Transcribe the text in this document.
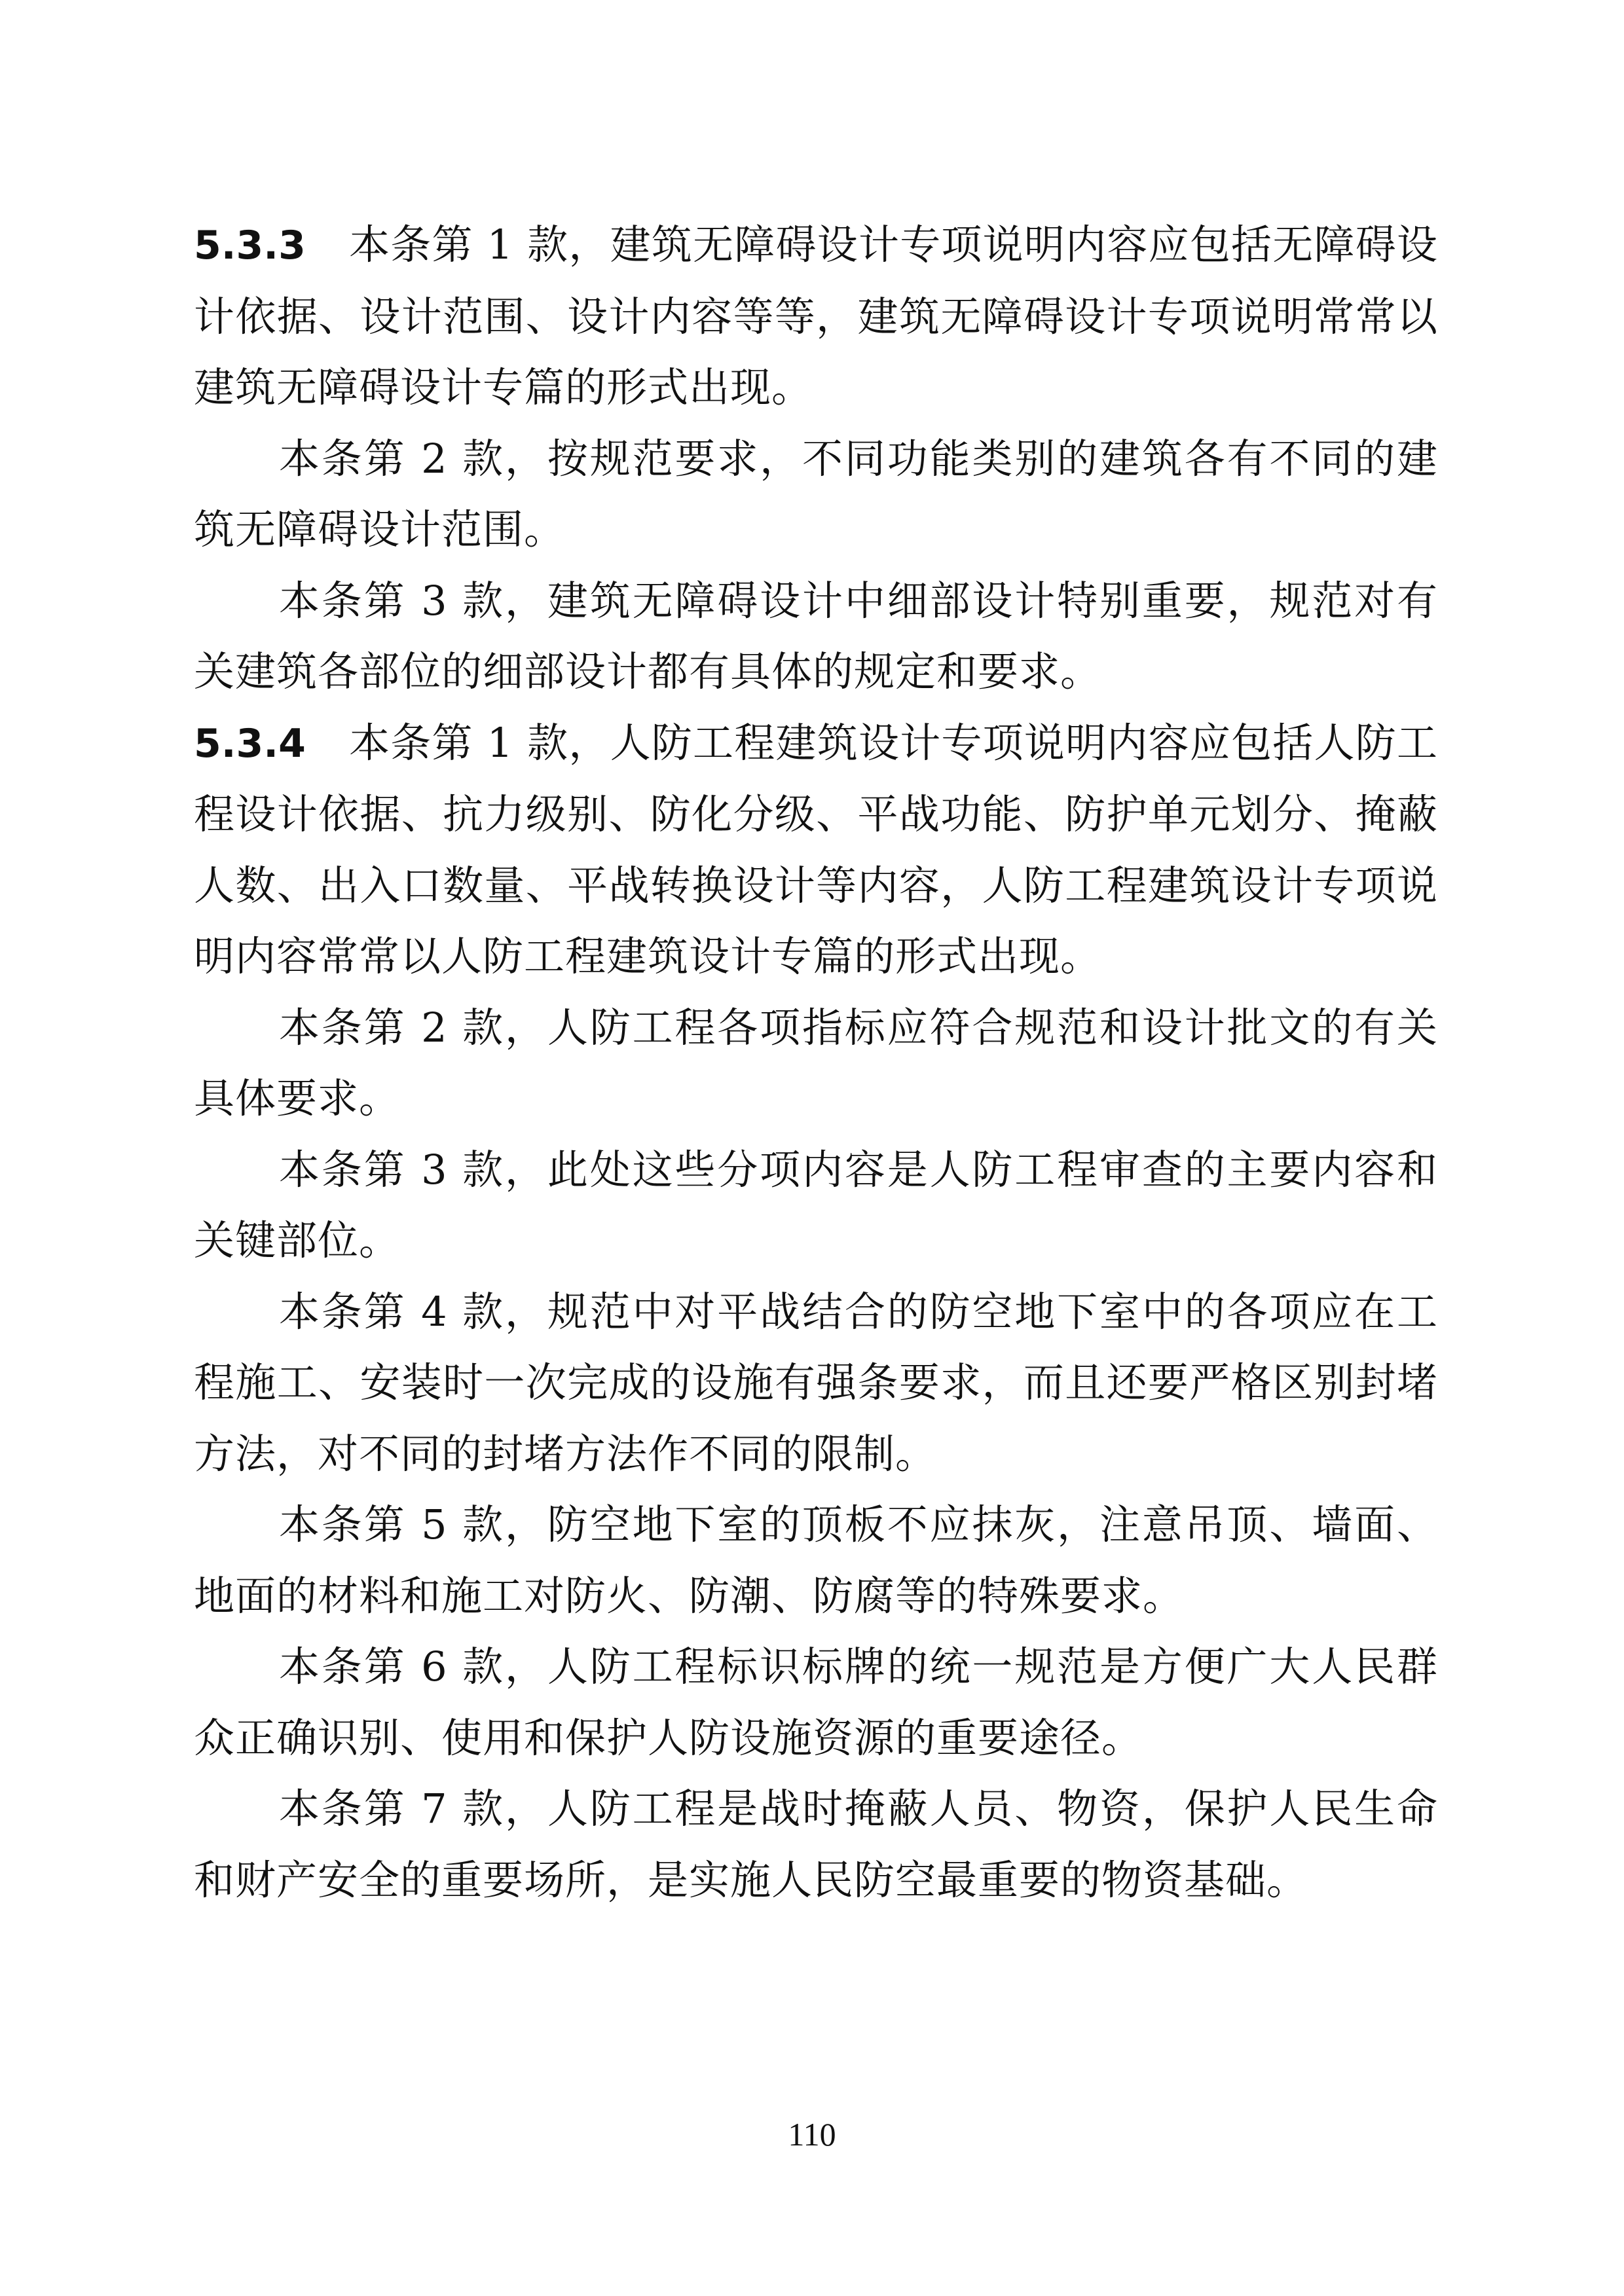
5.3.3 本条第 1 款，建筑无障碍设计专项说明内容应包括无障碍设计依据、设计范围、设计内容等等，建筑无障碍设计专项说明常常以建筑无障碍设计专篇的形式出现。

本条第 2 款，按规范要求，不同功能类别的建筑各有不同的建筑无障碍设计范围。

本条第 3 款，建筑无障碍设计中细部设计特别重要，规范对有关建筑各部位的细部设计都有具体的规定和要求。

5.3.4 本条第 1 款，人防工程建筑设计专项说明内容应包括人防工程设计依据、抗力级别、防化分级、平战功能、防护单元划分、掩蔽人数、出入口数量、平战转换设计等内容，人防工程建筑设计专项说明内容常常以人防工程建筑设计专篇的形式出现。

本条第 2 款，人防工程各项指标应符合规范和设计批文的有关具体要求。

本条第 3 款，此处这些分项内容是人防工程审查的主要内容和关键部位。

本条第 4 款，规范中对平战结合的防空地下室中的各项应在工程施工、安装时一次完成的设施有强条要求，而且还要严格区别封堵方法，对不同的封堵方法作不同的限制。

本条第 5 款，防空地下室的顶板不应抹灰，注意吊顶、墙面、地面的材料和施工对防火、防潮、防腐等的特殊要求。

本条第 6 款，人防工程标识标牌的统一规范是方便广大人民群众正确识别、使用和保护人防设施资源的重要途径。

本条第 7 款，人防工程是战时掩蔽人员、物资，保护人民生命和财产安全的重要场所，是实施人民防空最重要的物资基础。

110
